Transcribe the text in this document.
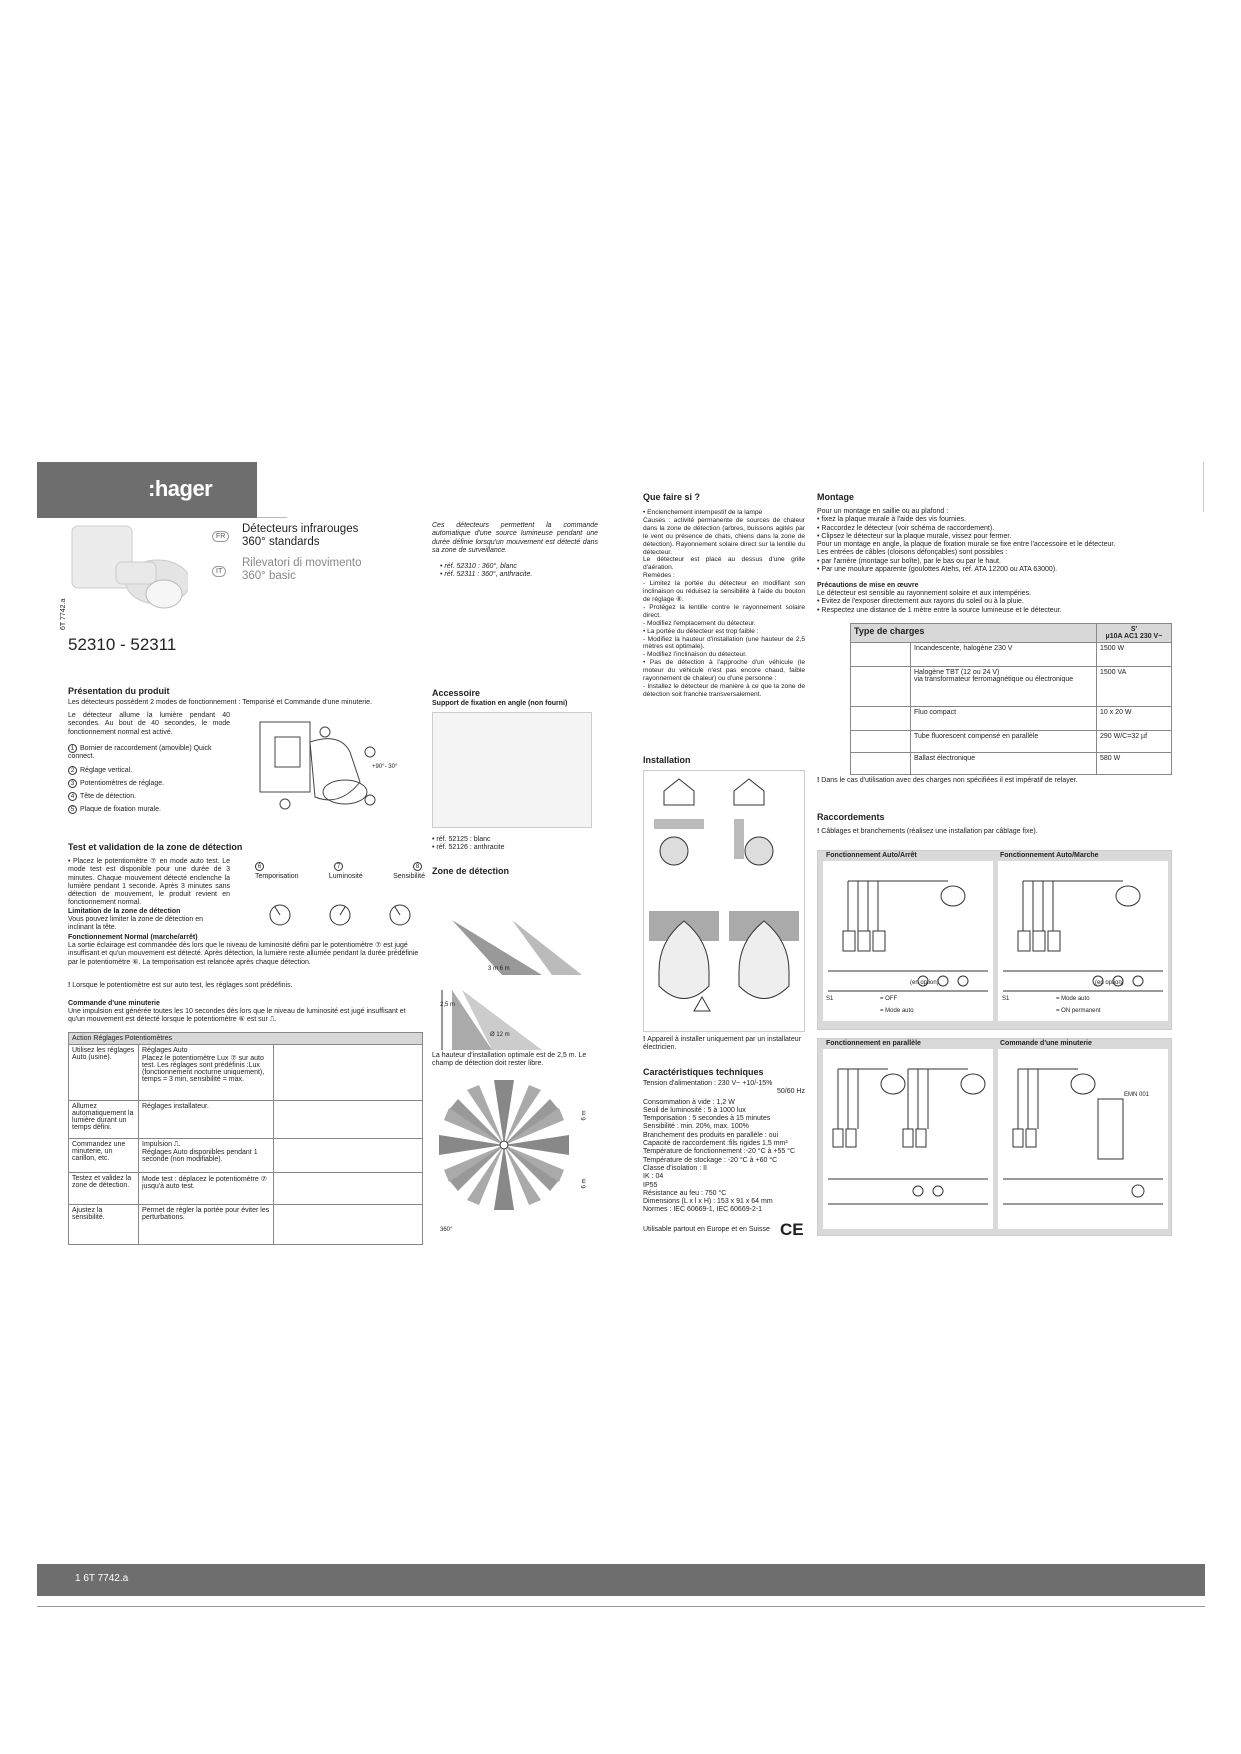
:hager
6T 7742.a
FR
Détecteurs infrarouges
360° standards
IT
Rilevatori di movimento
360° basic
Ces détecteurs permettent la commande automatique d'une source lumineuse pendant une durée définie lorsqu'un mouvement est détecté dans sa zone de surveillance.
• réf. 52310 : 360°, blanc
• réf. 52311 : 360°, anthracite.
52310 - 52311
Présentation du produit
Les détecteurs possèdent 2 modes de fonctionnement : Temporisé et Commande d'une minuterie.
Le détecteur allume la lumière pendant 40 secondes. Au bout de 40 secondes, le mode fonctionnement normal est activé.
1 Bornier de raccordement (amovible) Quick connect.
2 Réglage vertical.
3 Potentiomètres de réglage.
4 Tête de détection.
5 Plaque de fixation murale.
+90°- 30°
Test et validation de la zone de détection
• Placez le potentiomètre ⑦ en mode auto test. Le mode test est disponible pour une durée de 3 minutes. Chaque mouvement détecté enclenche la lumière pendant 1 seconde. Après 3 minutes sans détection de mouvement, le produit revient en fonctionnement normal.
Limitation de la zone de détection
Vous pouvez limiter la zone de détection en inclinant la tête.
Fonctionnement Normal (marche/arrêt)
La sortie éclairage est commandée dès lors que le niveau de luminosité défini par le potentiomètre ⑦ est jugé insuffisant et qu'un mouvement est détecté. Après détection, la lumière reste allumée pendant la durée prédéfinie par le potentiomètre ⑥. La temporisation est relancée après chaque détection.
! Lorsque le potentiomètre est sur auto test, les réglages sont prédéfinis.
Commande d'une minuterie
Une impulsion est générée toutes les 10 secondes dès lors que le niveau de luminosité est jugé insuffisant et qu'un mouvement est détecté lorsque le potentiomètre ⑥ est sur ⎍.
6	7	8
Temporisation	Luminosité	Sensibilité
Action Réglages Potentiomètres		
Utilisez les réglages Auto (usine).	Réglages Auto
Placez le potentiomètre Lux ⑦ sur auto test. Les réglages sont prédéfinis :Lux (fonctionnement nocturne uniquement), temps = 3 min, sensibilité = max.	
Allumez automatiquement la lumière durant un temps défini.	Réglages installateur.	
Commandez une minuterie, un carillon, etc.	Impulsion ⎍.
Réglages Auto disponibles pendant 1 seconde (non modifiable).	
Testez et validez la zone de détection.	Mode test : déplacez le potentiomètre ⑦ jusqu'à auto test.	
Ajustez la sensibilité.	Permet de régler la portée pour éviter les perturbations.	
Accessoire
Support de fixation en angle (non fourni)
• réf. 52125 : blanc
• réf. 52126 : anthracite
Zone de détection
3 m 6 m
2,5 m
Ø 12 m
La hauteur d'installation optimale est de 2,5 m. Le champ de détection doit rester libre.
6 m
6 m
360°
Que faire si ?
• Enclenchement intempestif de la lampe
Causes : activité permanente de sources de chaleur dans la zone de détection (arbres, buissons agités par le vent ou présence de chats, chiens dans la zone de détection). Rayonnement solaire direct sur la lentille du détecteur.
Le détecteur est placé au dessus d'une grille d'aération.
Remèdes :
- Limitez la portée du détecteur en modifiant son inclinaison ou réduisez la sensibilité à l'aide du bouton de réglage ⑧.
- Protégez la lentille contre le rayonnement solaire direct.
- Modifiez l'emplacement du détecteur.
• La portée du détecteur est trop faible :
- Modifiez la hauteur d'installation (une hauteur de 2,5 mètres est optimale).
- Modifiez l'inclinaison du détecteur.
• Pas de détection à l'approche d'un véhicule (le moteur du véhicule n'est pas encore chaud, faible rayonnement de chaleur) ou d'une personne :
- Installez le détecteur de manière à ce que la zone de détection soit franchie transversalement.
Installation
! Appareil à installer uniquement par un installateur électricien.
Caractéristiques techniques
Tension d'alimentation : 230 V~ +10/-15%
50/60 Hz
Consommation à vide : 1,2 W
Seuil de luminosité : 5 à 1000 lux
Temporisation : 5 secondes à 15 minutes
Sensibilité : min. 20%, max. 100%
Branchement des produits en parallèle : oui
Capacité de raccordement :fils rigides 1,5 mm²
Température de fonctionnement :-20 °C à +55 °C
Température de stockage : -20 °C à +60 °C
Classe d'isolation : II
IK : 04
IP55
Résistance au feu : 750 °C
Dimensions (L x l x H) : 153 x 91 x 64 mm
Normes : IEC 60669-1, IEC 60669-2-1
Utilisable partout en Europe et en Suisse CE
Montage
Pour un montage en saillie ou au plafond :
• fixez la plaque murale à l'aide des vis fournies.
• Raccordez le détecteur (voir schéma de raccordement).
• Clipsez le détecteur sur la plaque murale, vissez pour fermer.
Pour un montage en angle, la plaque de fixation murale se fixe entre l'accessoire et le détecteur.
Les entrées de câbles (cloisons défonçables) sont possibles :
• par l'arrière (montage sur boîte), par le bas ou par le haut.
• Par une moulure apparente (goulottes Atehs, réf. ATA 12200 ou ATA 63000).
Précautions de mise en œuvre
Le détecteur est sensible au rayonnement solaire et aux intempéries.
• Evitez de l'exposer directement aux rayons du soleil ou à la pluie.
• Respectez une distance de 1 mètre entre la source lumineuse et le détecteur.
Type de charges		S'
µ10A AC1 230 V~
	Incandescente, halogène 230 V	1500 W
	Halogène TBT (12 ou 24 V)
via transformateur ferromagnétique ou électronique	1500 VA
	Fluo compact	10 x 20 W
	Tube fluorescent compensé en parallèle	290 W/C=32 µf
	Ballast électronique	580 W
! Dans le cas d'utilisation avec des charges non spécifiées il est impératif de relayer.
Raccordements
! Câblages et branchements (réalisez une installation par câblage fixe).
Fonctionnement Auto/Arrêt	Fonctionnement Auto/Marche
(en option)	(en option)
S1	= OFF
= Mode auto
S1	= Mode auto
= ON permanent
Fonctionnement en parallèle	Commande d'une minuterie
EMN 001
1 6T 7742.a
